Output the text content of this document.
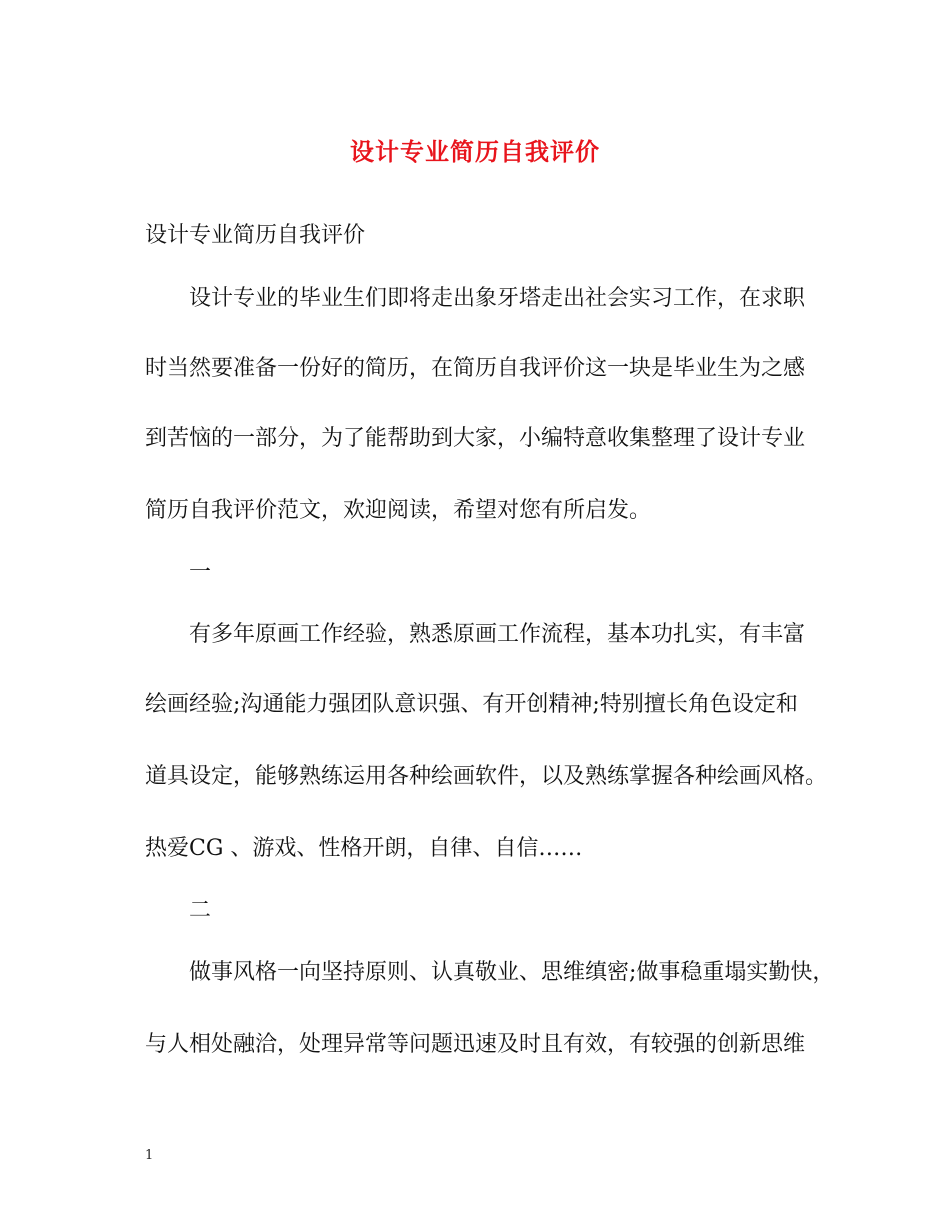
设计专业简历自我评价
设计专业简历自我评价
设计专业的毕业生们即将走出象牙塔走出社会实习工作，在求职
时当然要准备一份好的简历，在简历自我评价这一块是毕业生为之感
到苦恼的一部分，为了能帮助到大家，小编特意收集整理了设计专业
简历自我评价范文，欢迎阅读，希望对您有所启发。
一
有多年原画工作经验，熟悉原画工作流程，基本功扎实，有丰富
绘画经验;沟通能力强团队意识强、有开创精神;特别擅长角色设定和
道具设定，能够熟练运用各种绘画软件，以及熟练掌握各种绘画风格。
热爱CG 、游戏、性格开朗，自律、自信……
二
做事风格一向坚持原则、认真敬业、思维缜密;做事稳重塌实勤快，
与人相处融洽，处理异常等问题迅速及时且有效，有较强的创新思维
1
